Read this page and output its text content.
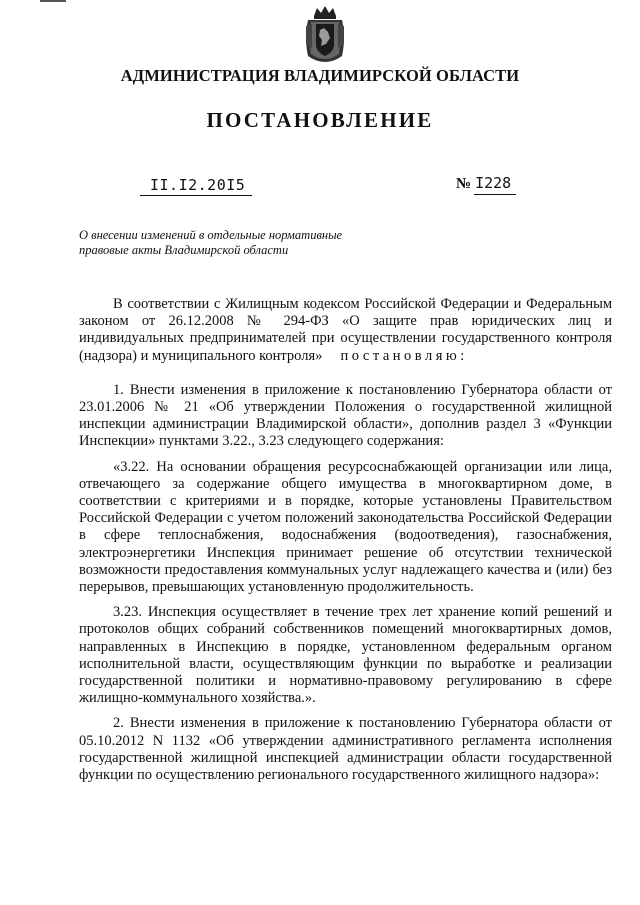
АДМИНИСТРАЦИЯ ВЛАДИМИРСКОЙ ОБЛАСТИ
ПОСТАНОВЛЕНИЕ
II.I2.20I5	№ I228
О внесении изменений в отдельные нормативные
правовые акты Владимирской области

В соответствии с Жилищным кодексом Российской Федерации и Федеральным законом от 26.12.2008 № 294-ФЗ «О защите прав юридических лиц и индивидуальных предпринимателей при осуществлении государственного контроля (надзора) и муниципального контроля» постановляю:

1. Внести изменения в приложение к постановлению Губернатора области от 23.01.2006 № 21 «Об утверждении Положения о государственной жилищной инспекции администрации Владимирской области», дополнив раздел 3 «Функции Инспекции» пунктами 3.22., 3.23 следующего содержания:

«3.22. На основании обращения ресурсоснабжающей организации или лица, отвечающего за содержание общего имущества в многоквартирном доме, в соответствии с критериями и в порядке, которые установлены Правительством Российской Федерации с учетом положений законодательства Российской Федерации в сфере теплоснабжения, водоснабжения (водоотведения), газоснабжения, электроэнергетики Инспекция принимает решение об отсутствии технической возможности предоставления коммунальных услуг надлежащего качества и (или) без перерывов, превышающих установленную продолжительность.

3.23. Инспекция осуществляет в течение трех лет хранение копий решений и протоколов общих собраний собственников помещений многоквартирных домов, направленных в Инспекцию в порядке, установленном федеральным органом исполнительной власти, осуществляющим функции по выработке и реализации государственной политики и нормативно-правовому регулированию в сфере жилищно-коммунального хозяйства.».

2. Внести изменения в приложение к постановлению Губернатора области от 05.10.2012 N 1132 «Об утверждении административного регламента исполнения государственной жилищной инспекцией администрации области государственной функции по осуществлению регионального государственного жилищного надзора»:
